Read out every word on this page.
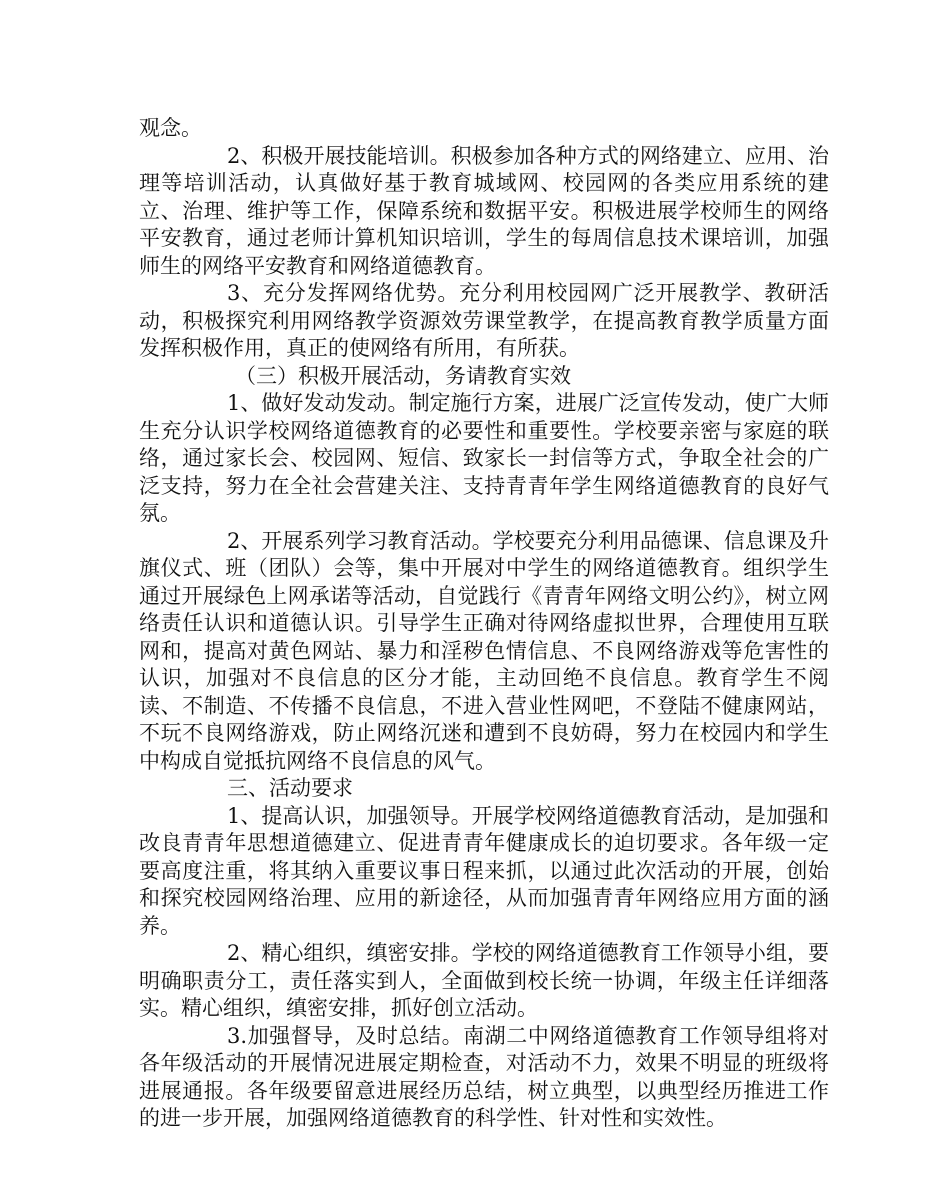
观念。

2、积极开展技能培训。积极参加各种方式的网络建立、应用、治理等培训活动，认真做好基于教育城域网、校园网的各类应用系统的建立、治理、维护等工作，保障系统和数据平安。积极进展学校师生的网络平安教育，通过老师计算机知识培训，学生的每周信息技术课培训，加强师生的网络平安教育和网络道德教育。

3、充分发挥网络优势。充分利用校园网广泛开展教学、教研活动，积极探究利用网络教学资源效劳课堂教学，在提高教育教学质量方面发挥积极作用，真正的使网络有所用，有所获。

（三）积极开展活动，务请教育实效

1、做好发动发动。制定施行方案，进展广泛宣传发动，使广大师生充分认识学校网络道德教育的必要性和重要性。学校要亲密与家庭的联络，通过家长会、校园网、短信、致家长一封信等方式，争取全社会的广泛支持，努力在全社会营建关注、支持青青年学生网络道德教育的良好气氛。

2、开展系列学习教育活动。学校要充分利用品德课、信息课及升旗仪式、班（团队）会等，集中开展对中学生的网络道德教育。组织学生通过开展绿色上网承诺等活动，自觉践行《青青年网络文明公约》，树立网络责任认识和道德认识。引导学生正确对待网络虚拟世界，合理使用互联网和，提高对黄色网站、暴力和淫秽色情信息、不良网络游戏等危害性的认识，加强对不良信息的区分才能，主动回绝不良信息。教育学生不阅读、不制造、不传播不良信息，不进入营业性网吧，不登陆不健康网站，不玩不良网络游戏，防止网络沉迷和遭到不良妨碍，努力在校园内和学生中构成自觉抵抗网络不良信息的风气。

三、活动要求

1、提高认识，加强领导。开展学校网络道德教育活动，是加强和改良青青年思想道德建立、促进青青年健康成长的迫切要求。各年级一定要高度注重，将其纳入重要议事日程来抓，以通过此次活动的开展，创始和探究校园网络治理、应用的新途径，从而加强青青年网络应用方面的涵养。

2、精心组织，缜密安排。学校的网络道德教育工作领导小组，要明确职责分工，责任落实到人，全面做到校长统一协调，年级主任详细落实。精心组织，缜密安排，抓好创立活动。

3.加强督导，及时总结。南湖二中网络道德教育工作领导组将对各年级活动的开展情况进展定期检查，对活动不力，效果不明显的班级将进展通报。各年级要留意进展经历总结，树立典型，以典型经历推进工作的进一步开展，加强网络道德教育的科学性、针对性和实效性。
